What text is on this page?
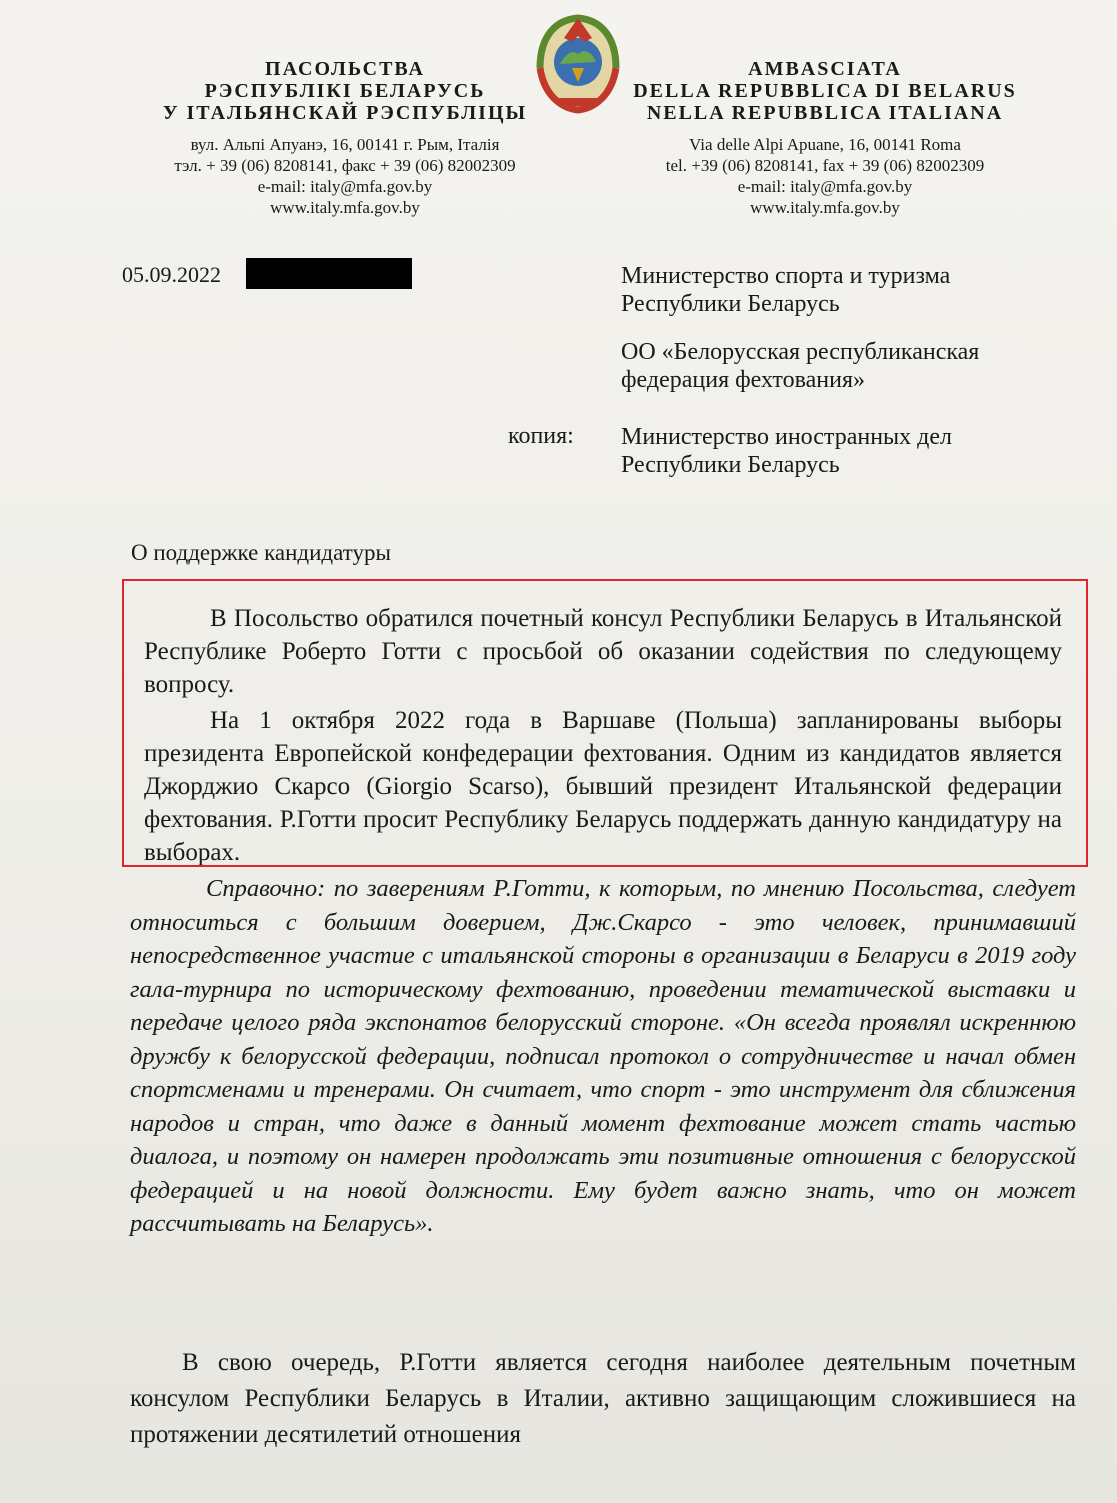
ПАСОЛЬСТВА
РЭСПУБЛІКІ БЕЛАРУСЬ
У ІТАЛЬЯНСКАЙ РЭСПУБЛІЦЫ
вул. Альпі Апуанэ, 16, 00141 г. Рым, Італія
тэл. + 39 (06) 8208141, факс + 39 (06) 82002309
e-mail: italy@mfa.gov.by
www.italy.mfa.gov.by
AMBASCIATA
DELLA REPUBBLICA DI BELARUS
NELLA REPUBBLICA ITALIANA
Via delle Alpi Apuane, 16, 00141 Roma
tel. +39 (06) 8208141, fax + 39 (06) 82002309
e-mail: italy@mfa.gov.by
www.italy.mfa.gov.by
05.09.2022	Министерство спорта и туризма
Республики Беларусь
ОО «Белорусская республиканская
федерация фехтования»
копия: Министерство иностранных дел
Республики Беларусь
О поддержке кандидатуры
В Посольство обратился почетный консул Республики Беларусь в Итальянской Республике Роберто Готти с просьбой об оказании содействия по следующему вопросу.
На 1 октября 2022 года в Варшаве (Польша) запланированы выборы президента Европейской конфедерации фехтования. Одним из кандидатов является Джорджио Скарсо (Giorgio Scarso), бывший президент Итальянской федерации фехтования. Р.Готти просит Республику Беларусь поддержать данную кандидатуру на выборах.
Справочно: по заверениям Р.Готти, к которым, по мнению Посольства, следует относиться с большим доверием, Дж.Скарсо - это человек, принимавший непосредственное участие с итальянской стороны в организации в Беларуси в 2019 году гала-турнира по историческому фехтованию, проведении тематической выставки и передаче целого ряда экспонатов белорусский стороне. «Он всегда проявлял искреннюю дружбу к белорусской федерации, подписал протокол о сотрудничестве и начал обмен спортсменами и тренерами. Он считает, что спорт - это инструмент для сближения народов и стран, что даже в данный момент фехтование может стать частью диалога, и поэтому он намерен продолжать эти позитивные отношения с белорусской федерацией и на новой должности. Ему будет важно знать, что он может рассчитывать на Беларусь».
В свою очередь, Р.Готти является сегодня наиболее деятельным почетным консулом Республики Беларусь в Италии, активно защищающим сложившиеся на протяжении десятилетий отношения
